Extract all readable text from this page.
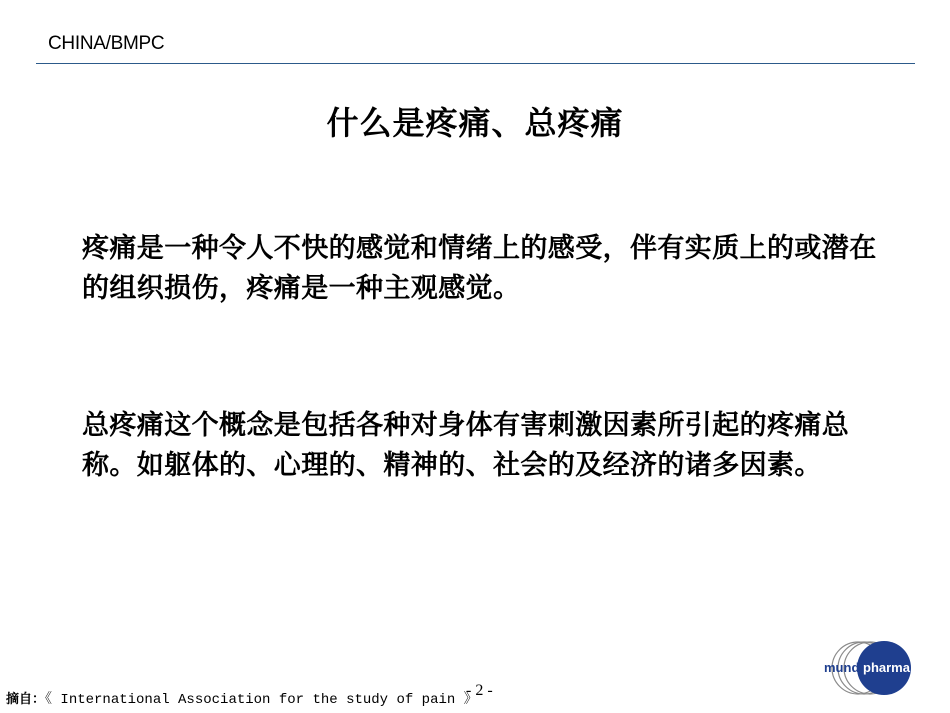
CHINA/BMPC
什么是疼痛、总疼痛
疼痛是一种令人不快的感觉和情绪上的感受，伴有实质上的或潜在的组织损伤，疼痛是一种主观感觉。
总疼痛这个概念是包括各种对身体有害刺激因素所引起的疼痛总称。如躯体的、心理的、精神的、社会的及经济的诸多因素。
摘自：《 International Association for the study of pain 》
- 2 -
mundipharma
